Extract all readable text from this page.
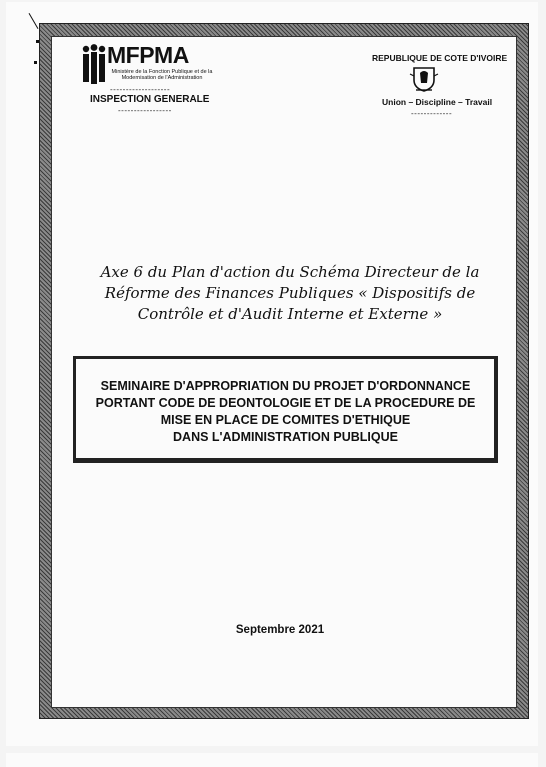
MFPMA
Ministère de la Fonction Publique et de la Modernisation de l'Administration
-------------------
INSPECTION GENERALE
-----------------
REPUBLIQUE DE COTE D'IVOIRE
Union – Discipline – Travail
-------------
Axe 6 du Plan d'action du Schéma Directeur de la Réforme des Finances Publiques « Dispositifs de Contrôle et d'Audit Interne et Externe »
SEMINAIRE D'APPROPRIATION DU PROJET D'ORDONNANCE
PORTANT CODE DE DEONTOLOGIE ET DE LA PROCEDURE DE
MISE EN PLACE DE COMITES D'ETHIQUE
DANS L'ADMINISTRATION PUBLIQUE
Septembre 2021
